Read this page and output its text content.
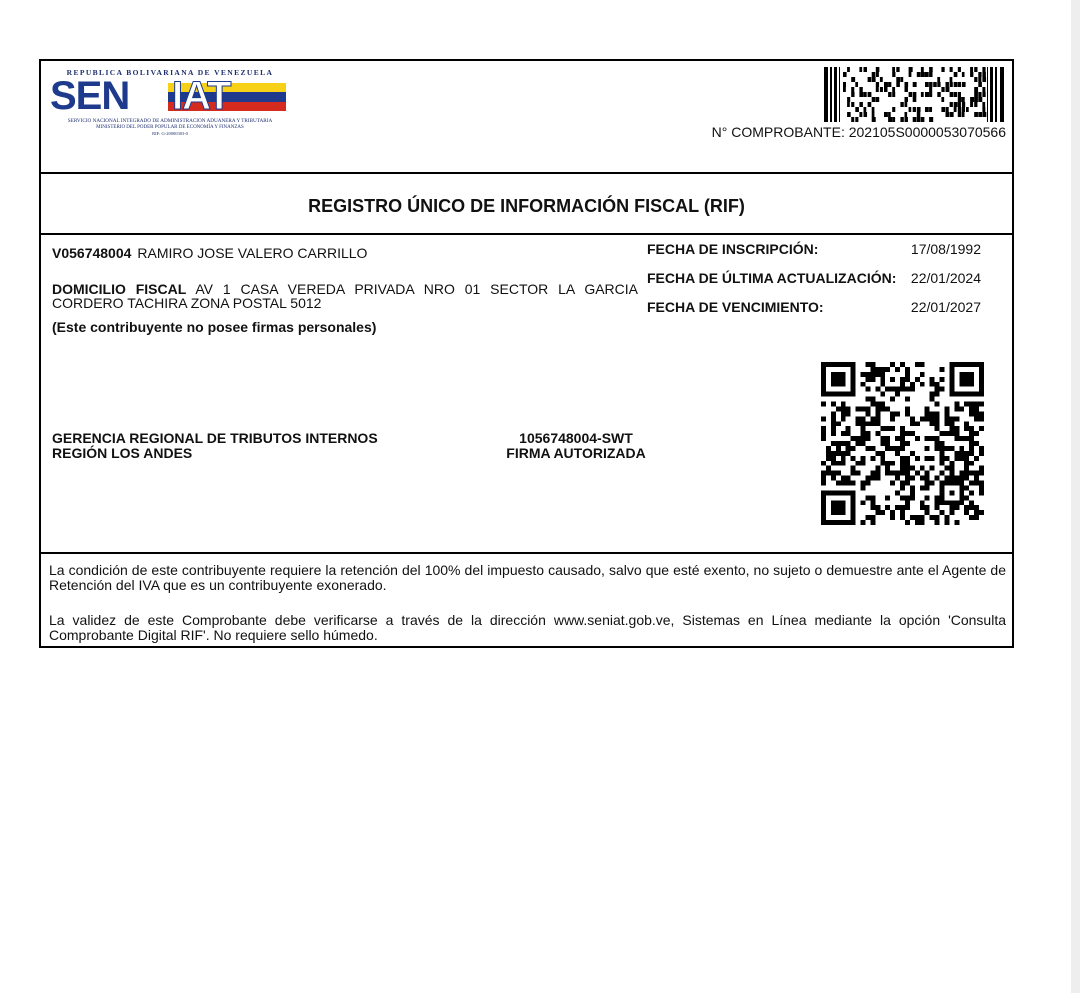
REPUBLICA BOLIVARIANA DE VENEZUELA
SEN IAT
SERVICIO NACIONAL INTEGRADO DE ADMINISTRACION ADUANERA Y TRIBUTARIA
MINISTERIO DEL PODER POPULAR DE ECONOMÍA Y FINANZAS
RIF: G-20000303-0	N° COMPROBANTE: 202105S0000053070566
REGISTRO ÚNICO DE INFORMACIÓN FISCAL (RIF)
V056748004 RAMIRO JOSE VALERO CARRILLO
DOMICILIO FISCAL AV 1 CASA VEREDA PRIVADA NRO 01 SECTOR LA GARCIA CORDERO TACHIRA ZONA POSTAL 5012
(Este contribuyente no posee firmas personales)
FECHA DE INSCRIPCIÓN:	17/08/1992
FECHA DE ÚLTIMA ACTUALIZACIÓN: 22/01/2024
FECHA DE VENCIMIENTO:	22/01/2027
GERENCIA REGIONAL DE TRIBUTOS INTERNOS
REGIÓN LOS ANDES
1056748004-SWT
FIRMA AUTORIZADA
La condición de este contribuyente requiere la retención del 100% del impuesto causado, salvo que esté exento, no sujeto o demuestre ante el Agente de Retención del IVA que es un contribuyente exonerado.
La validez de este Comprobante debe verificarse a través de la dirección www.seniat.gob.ve, Sistemas en Línea mediante la opción 'Consulta Comprobante Digital RIF'. No requiere sello húmedo.
